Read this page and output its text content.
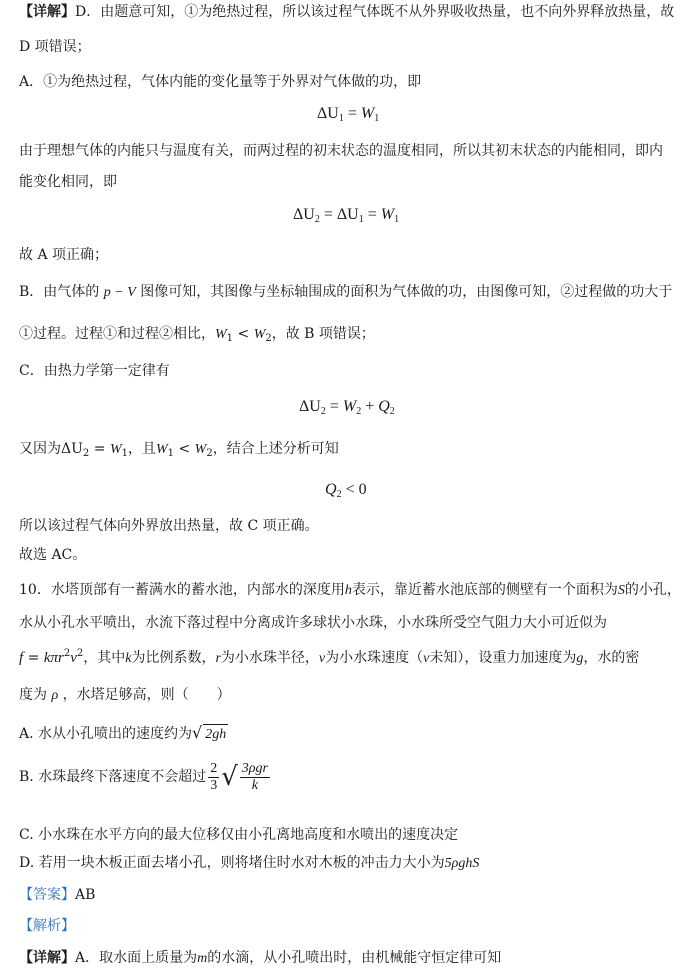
【详解】D．由题意可知，①为绝热过程，所以该过程气体既不从外界吸收热量，也不向外界释放热量，故
D 项错误；
A．①为绝热过程，气体内能的变化量等于外界对气体做的功，即
$\Delta U_1 = W_1$
由于理想气体的内能只与温度有关，而两过程的初末状态的温度相同，所以其初末状态的内能相同，即内
能变化相同，即
$\Delta U_2 = \Delta U_1 = W_1$
故 A 项正确；
B．由气体的 p − V 图像可知，其图像与坐标轴围成的面积为气体做的功，由图像可知，②过程做的功大于
①过程。过程①和过程②相比，$W_1 < W_2$，故 B 项错误；
C．由热力学第一定律有
$\Delta U_2 = W_2 + Q_2$
又因为$\Delta U_2 = W_1$，且$W_1 < W_2$，结合上述分析可知
$Q_2 < 0$
所以该过程气体向外界放出热量，故 C 项正确。
故选 AC。
10．水塔顶部有一蓄满水的蓄水池，内部水的深度用h表示，靠近蓄水池底部的侧壁有一个面积为S的小孔，
水从小孔水平喷出，水流下落过程中分离成许多球状小水珠，小水珠所受空气阻力大小可近似为
$f = k\pi r^2v^2$，其中k为比例系数，r为小水珠半径，v为小水珠速度（v未知），设重力加速度为g，水的密
度为 ρ ，水塔足够高，则（　　）
A. 水从小孔喷出的速度约为√ 2gh
B. 水珠最终下落速度不会超过 $\frac{2}{3}$ √ $\frac{\text{3ρgr}}{k}$
C. 小水珠在水平方向的最大位移仅由小孔离地高度和水喷出的速度决定
D. 若用一块木板正面去堵小孔，则将堵住时水对木板的冲击力大小为5ρghS
【答案】AB
【解析】
【详解】A．取水面上质量为m的水滴，从小孔喷出时，由机械能守恒定律可知
